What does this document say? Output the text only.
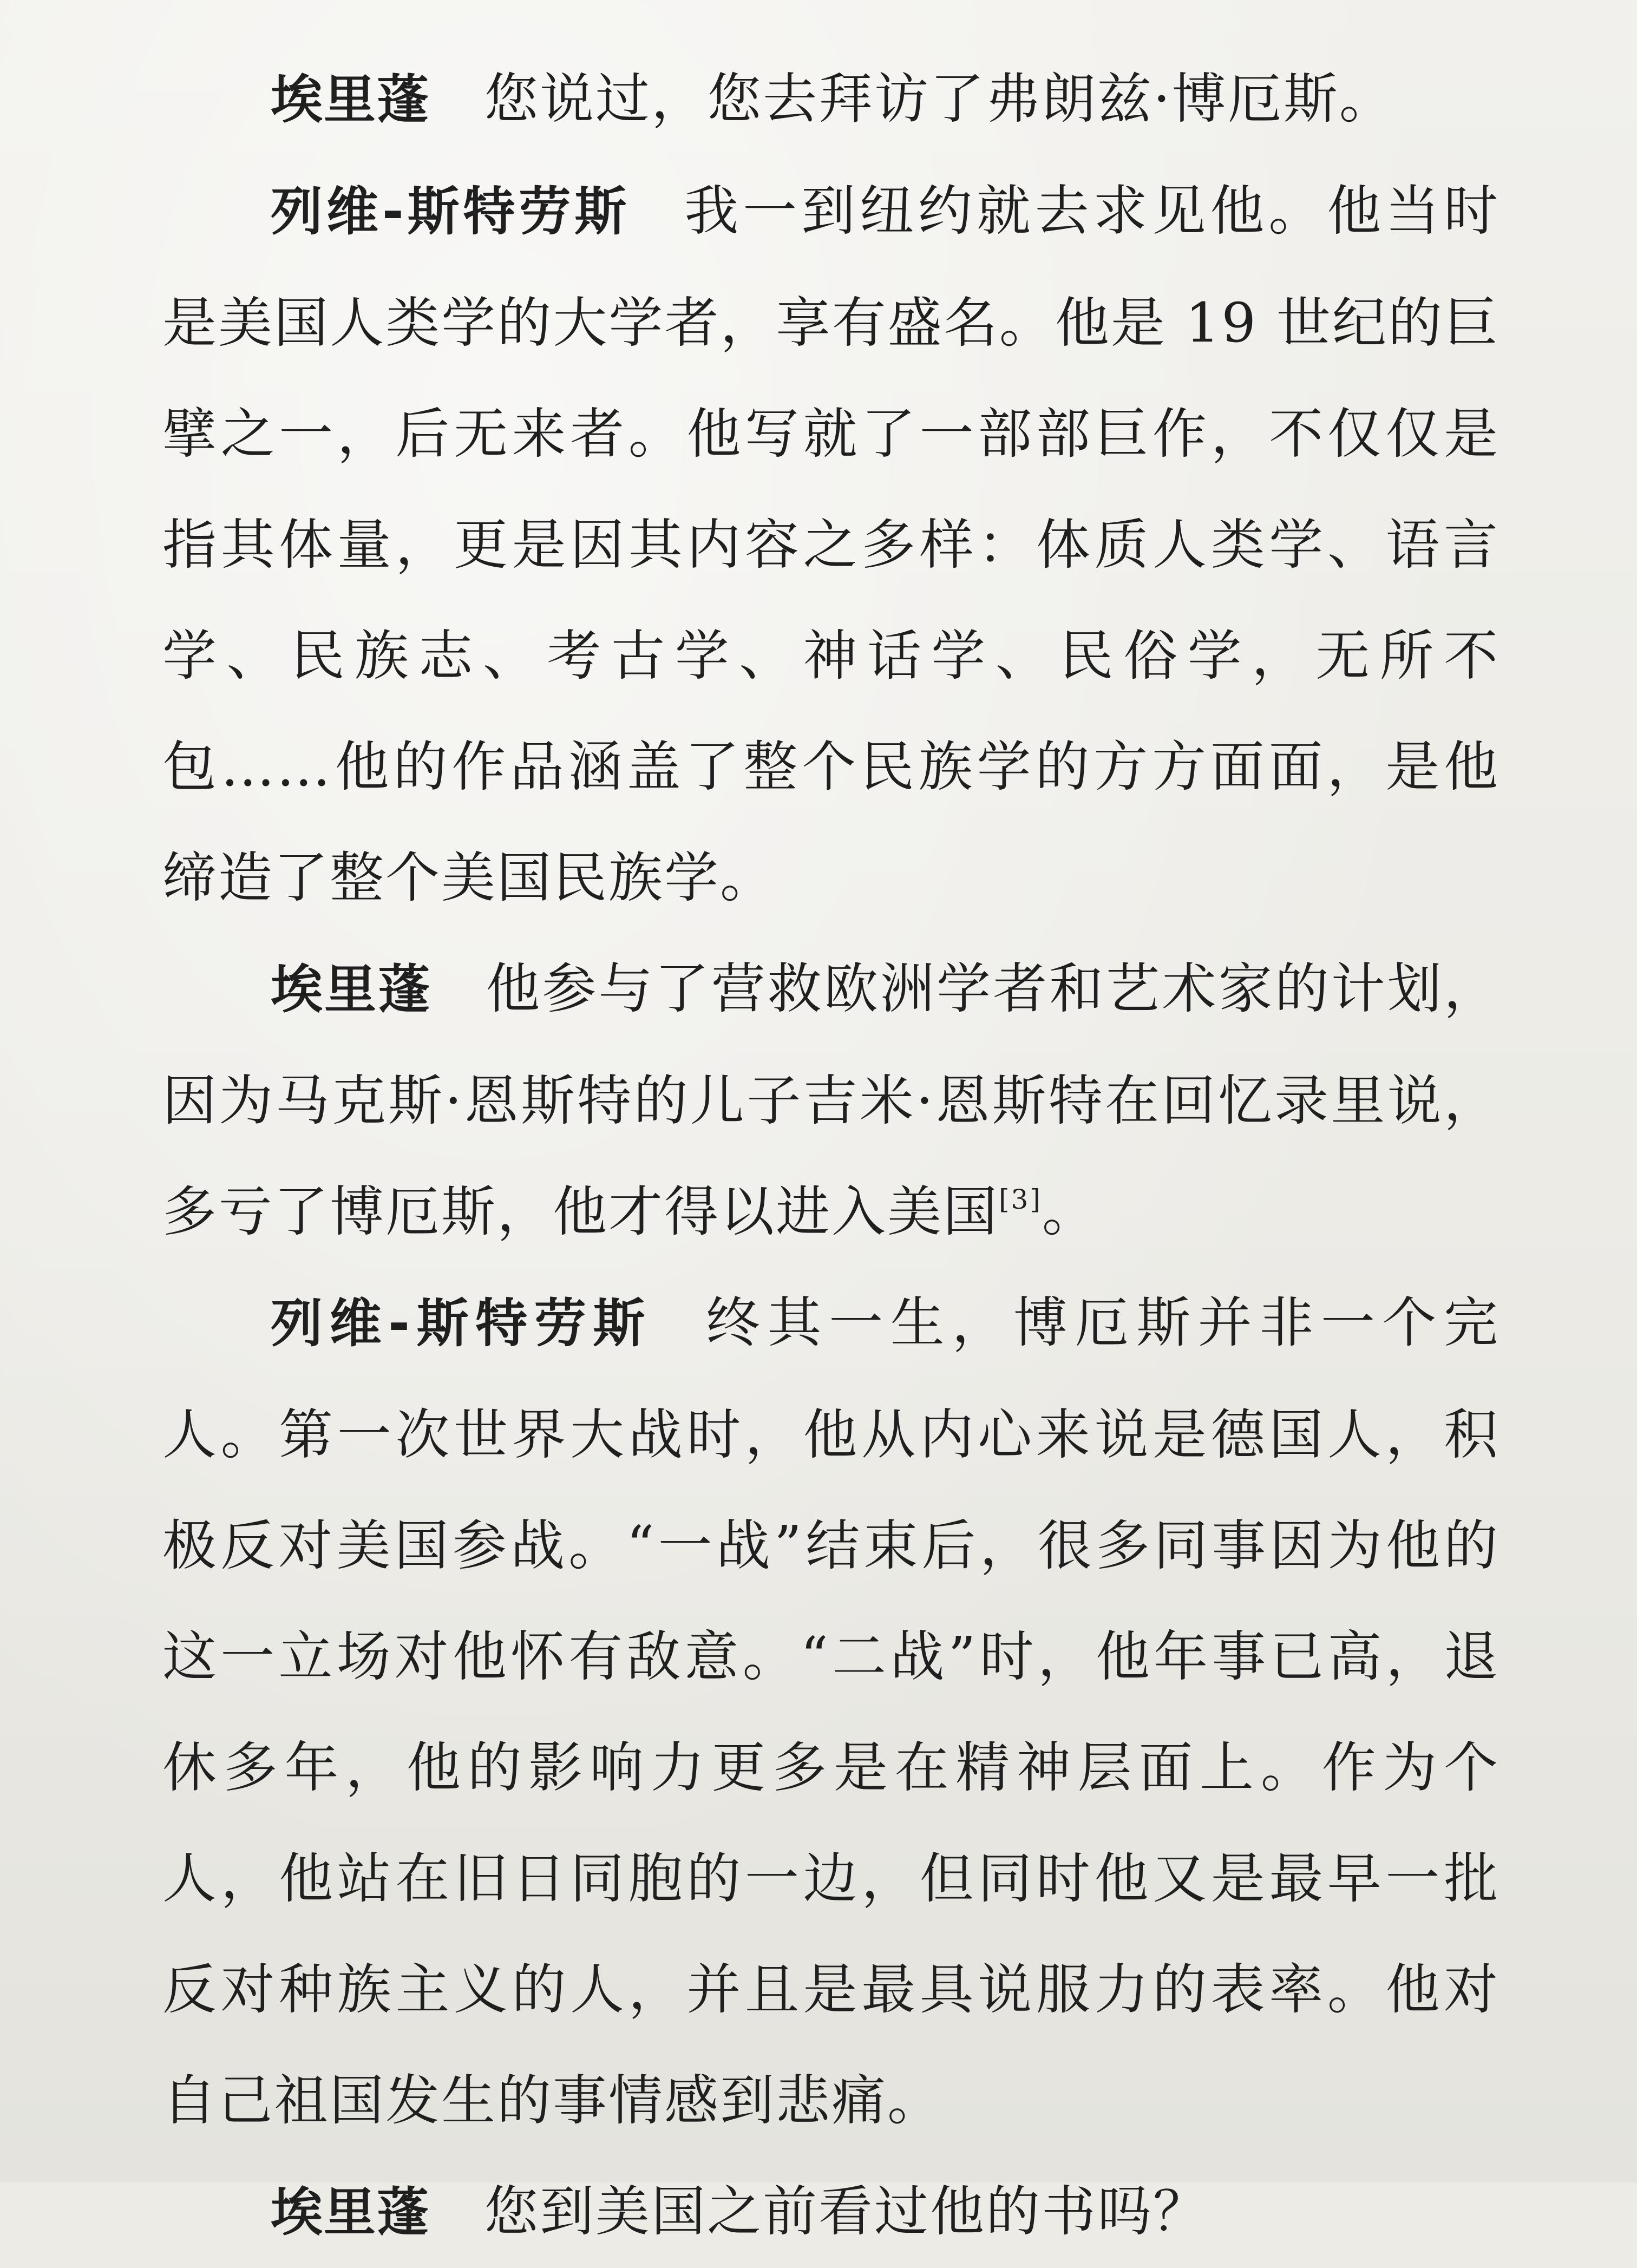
埃里蓬 您说过，您去拜访了弗朗兹·博厄斯。

列维-斯特劳斯 我一到纽约就去求见他。他当时是美国人类学的大学者，享有盛名。他是 19 世纪的巨擘之一，后无来者。他写就了一部部巨作，不仅仅是指其体量，更是因其内容之多样：体质人类学、语言学、民族志、考古学、神话学、民俗学，无所不包……他的作品涵盖了整个民族学的方方面面，是他缔造了整个美国民族学。

埃里蓬 他参与了营救欧洲学者和艺术家的计划，因为马克斯·恩斯特的儿子吉米·恩斯特在回忆录里说，多亏了博厄斯，他才得以进入美国[3]。

列维-斯特劳斯 终其一生，博厄斯并非一个完人。第一次世界大战时，他从内心来说是德国人，积极反对美国参战。“一战”结束后，很多同事因为他的这一立场对他怀有敌意。“二战”时，他年事已高，退休多年，他的影响力更多是在精神层面上。作为个人，他站在旧日同胞的一边，但同时他又是最早一批反对种族主义的人，并且是最具说服力的表率。他对自己祖国发生的事情感到悲痛。

埃里蓬 您到美国之前看过他的书吗？
